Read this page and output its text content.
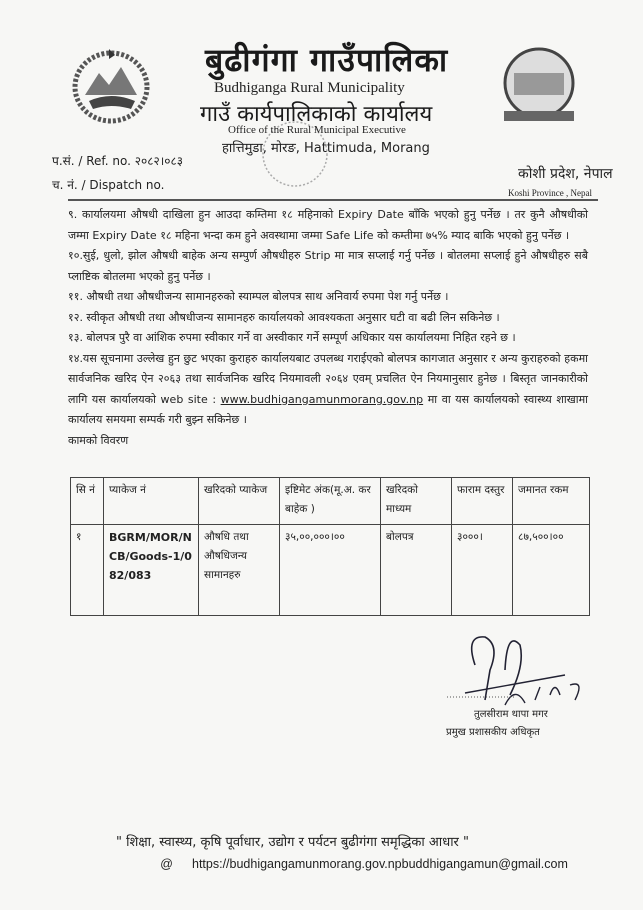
बुढीगंगा गाउँपालिका
Budhiganga Rural Municipality
गाउँ कार्यपालिकाको कार्यालय
Office of the Rural Municipal Executive
हात्तिमुडा, मोरङ, Hattimuda, Morang
प.सं. / Ref. no. २०८२।०८३
च. नं. / Dispatch no.
कोशी प्रदेश, नेपाल
Koshi Province , Nepal

९. कार्यालयमा औषधी दाखिला हुन आउदा कम्तिमा १८ महिनाको Expiry Date बाँकि भएको हुनु पर्नेछ । तर कुनै औषधीको जम्मा Expiry Date १८ महिना भन्दा कम हुने अवस्थामा जम्मा Safe Life को कम्तीमा ७५% म्याद बाकि भएको हुनु पर्नेछ ।

१०.सुई, धुलो, झोल औषधी बाहेक अन्य सम्पुर्ण औषधीहरु Strip मा मात्र सप्लाई गर्नु पर्नेछ । बोतलमा सप्लाई हुने औषधीहरु सबै प्लाष्टिक बोतलमा भएको हुनु पर्नेछ ।

११. औषधी तथा औषधीजन्य सामानहरुको स्याम्पल बोलपत्र साथ अनिवार्य रुपमा पेश गर्नु पर्नेछ ।

१२. स्वीकृत औषधी तथा औषधीजन्य सामानहरु कार्यालयको आवश्यकता अनुसार घटी वा बढी लिन सकिनेछ ।

१३. बोलपत्र पुरै वा आंशिक रुपमा स्वीकार गर्ने वा अस्वीकार गर्ने सम्पूर्ण अधिकार यस कार्यालयमा निहित रहने छ ।

१४.यस सूचनामा उल्लेख हुन छुट भएका कुराहरु कार्यालयबाट उपलब्ध गराईएको बोलपत्र कागजात अनुसार र अन्य कुराहरुको हकमा सार्वजनिक खरिद ऐन २०६३ तथा सार्वजनिक खरिद नियमावली २०६४ एवम् प्रचलित ऐन नियमानुसार हुनेछ । बिस्तृत जानकारीको लागि यस कार्यालयको web site : www.budhigangamunmorang.gov.np मा वा यस कार्यालयको स्वास्थ्य शाखामा कार्यालय समयमा सम्पर्क गरी बुझ्न सकिनेछ ।

कामको विवरण

सि नं	प्याकेज नं	खरिदको प्याकेज	इष्टिमेट अंक(मू.अ. कर बाहेक )	खरिदको माध्यम	फाराम दस्तुर	जमानत रकम
१	BGRM/MOR/NCB/Goods-1/082/083	औषधि तथा औषधिजन्य सामानहरु	३५,००,०००।००	बोलपत्र	३०००।	८७,५००।००
तुलसीराम थापा मगर
प्रमुख प्रशासकीय अधिकृत
" शिक्षा, स्वास्थ्य, कृषि पूर्वाधार, उद्योग र पर्यटन बुढीगंगा समृद्धिका आधार "
@ https://budhigangamunmorang.gov.npbuddhigangamun@gmail.com
